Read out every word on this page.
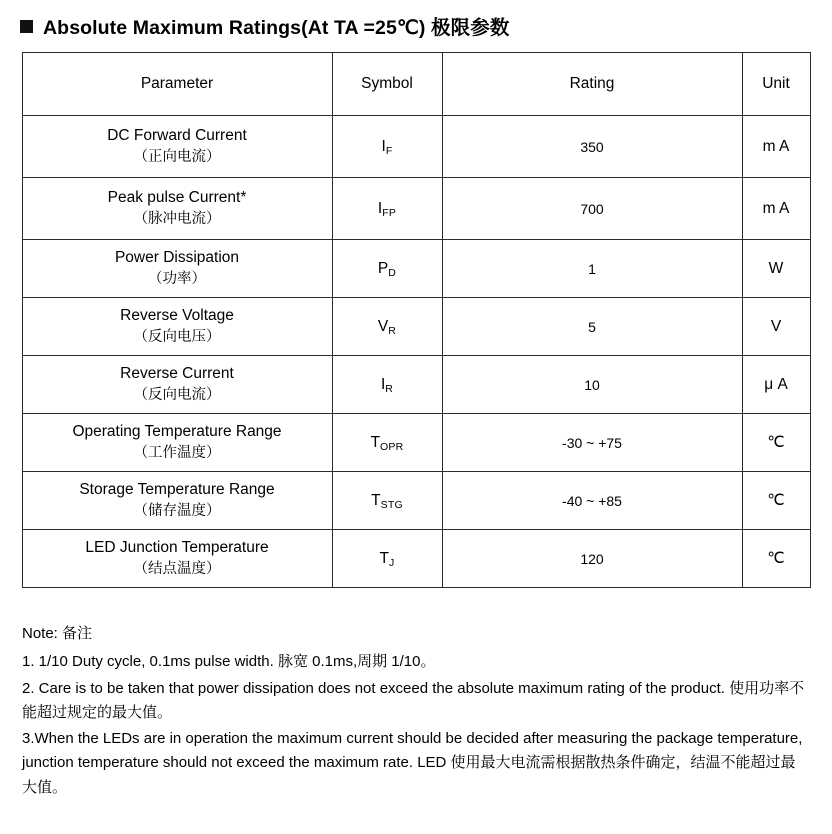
Absolute Maximum Ratings(At TA =25℃) 极限参数
Parameter	Symbol	Rating	Unit
DC Forward Current
（正向电流）	$I_F$	350	m A
Peak pulse Current*
（脉冲电流）	$I_{FP}$	700	m A
Power Dissipation
（功率）	$P_D$	1	W
Reverse Voltage
（反向电压）	$V_R$	5	V
Reverse Current
（反向电流）	$I_R$	10	μ A
Operating Temperature Range
（工作温度）	$T_{OPR}$	-30 ~ +75	℃
Storage Temperature Range
（储存温度）	$T_{STG}$	-40 ~ +85	℃
LED Junction Temperature
（结点温度）	$T_J$	120	℃

Note: 备注

1. 1/10 Duty cycle, 0.1ms pulse width. 脉宽 0.1ms,周期 1/10。

2. Care is to be taken that power dissipation does not exceed the absolute maximum rating of the product. 使用功率不能超过规定的最大值。

3.When the LEDs are in operation the maximum current should be decided after measuring the package temperature, junction temperature should not exceed the maximum rate. LED 使用最大电流需根据散热条件确定，结温不能超过最大值。
